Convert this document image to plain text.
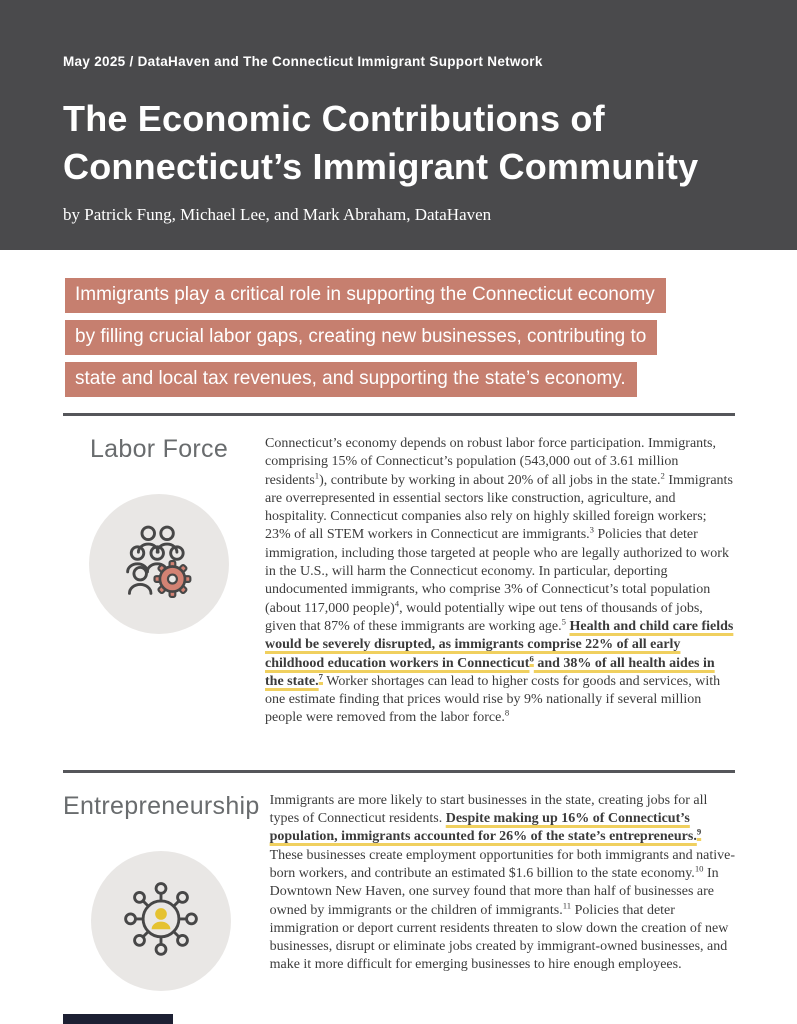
May 2025 / DataHaven and The Connecticut Immigrant Support Network
The Economic Contributions of
Connecticut’s Immigrant Community
by Patrick Fung, Michael Lee, and Mark Abraham, DataHaven
Immigrants play a critical role in supporting the Connecticut economy
by filling crucial labor gaps, creating new businesses, contributing to
state and local tax revenues, and supporting the state’s economy.
Labor Force	Connecticut’s economy depends on robust labor force participation. Immigrants, comprising 15% of Connecticut’s population (543,000 out of 3.61 million residents$^1$), contribute by working in about 20% of all jobs in the state.$^2$ Immigrants are overrepresented in essential sectors like construction, agriculture, and hospitality. Connecticut companies also rely on highly skilled foreign workers; 23% of all STEM workers in Connecticut are immigrants.$^3$ Policies that deter immigration, including those targeted at people who are legally authorized to work in the U.S., will harm the Connecticut economy. In particular, deporting undocumented immigrants, who comprise 3% of Connecticut’s total population (about 117,000 people)$^4$, would potentially wipe out tens of thousands of jobs, given that 87% of these immigrants are working age.$^5$ Health and child care fields would be severely disrupted, as immigrants comprise 22% of all early childhood education workers in Connecticut$^6$ and 38% of all health aides in the state.$^7$ Worker shortages can lead to higher costs for goods and services, with one estimate finding that prices would rise by 9% nationally if several million people were removed from the labor force.$^8$
Entrepreneurship Immigrants are more likely to start businesses in the state, creating jobs for all types of Connecticut residents. Despite making up 16% of Connecticut’s population, immigrants accounted for 26% of the state’s entrepreneurs.$^9$ These businesses create employment opportunities for both immigrants and native-born workers, and contribute an estimated $1.6 billion to the state economy.$^{10}$ In Downtown New Haven, one survey found that more than half of businesses are owned by immigrants or the children of immigrants.$^{11}$ Policies that deter immigration or deport current residents threaten to slow down the creation of new businesses, disrupt or eliminate jobs created by immigrant-owned businesses, and make it more difficult for emerging businesses to hire enough employees.
